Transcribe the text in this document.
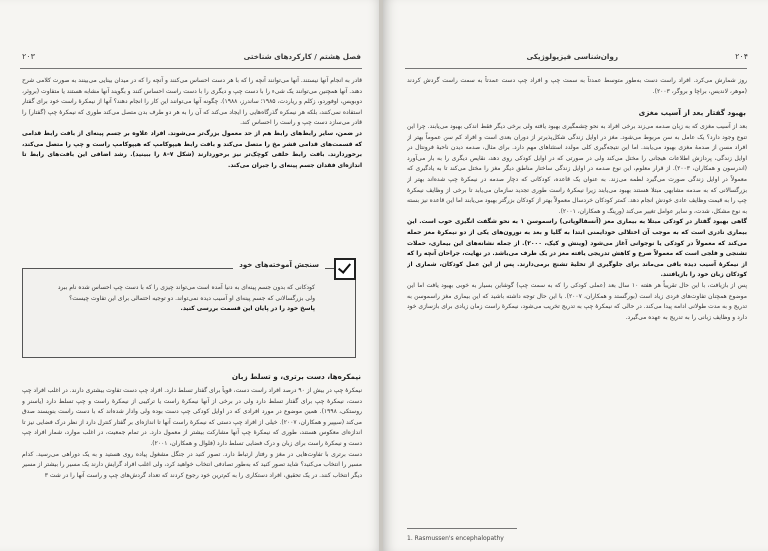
۲۰۳	فصل هشتم / کارکردهای شناختی

قادر به انجام آنها نیستند. آنها می‌توانند آنچه را که با هر دست احساس می‌کنند و آنچه را که در میدان بینایی می‌بینند به صورت کلامی شرح دهند. آنها همچنین می‌توانند یک شیء را با دست چپ و دیگری را با دست راست احساس کنند و بگویند آنها مشابه هستند یا متفاوت (بروئر، دوبویس، اوفوردو، زکلم و ریاردت، ۱۹۸۵؛ ساندرز، ۱۹۸۸). چگونه آنها می‌توانند این کار را انجام دهند؟ آنها از نیمکرهٔ راست خود برای گفتار استفاده نمی‌کنند، بلکه هر نیمکره گذرگاه‌هایی را ایجاد می‌کند که آن را به هر دو طرف بدن متصل می‌کند طوری که نیمکرهٔ چپ (گفتار) را قادر می‌سازد دست چپ و راست را احساس کند.

در ضمن، سایر رابط‌های رابط هم از حد معمول بزرگ‌تر می‌شوند. افراد علاوه بر جسم پینه‌ای از بافت رابط قدامی که قسمت‌های قدامی قشر مخ را متصل می‌کند و بافت رابط هیپوکامپ که هیپوکامپ راست و چپ را متصل می‌کند، برخوردارند. بافت رابط خلفی کوچک‌تر نیز برخوردارند (شکل ۷–۸ را ببینید). رشد اضافی این بافت‌های رابط تا اندازه‌ای فقدان جسم پینه‌ای را جبران می‌کند.

سنجش آموخته‌های خود

کودکانی که بدون جسم پینه‌ای به دنیا آمده است می‌تواند چیزی را که با دست چپ احساس شده نام ببرد

ولی بزرگسالانی که جسم پینه‌ای او آسیب دیده نمی‌تواند. دو توجیه احتمالی برای این تفاوت چیست؟

پاسخ خود را در پایان این قسمت بررسی کنید.

نیمکره‌ها، دست برتری، و تسلط زبان

نیمکرهٔ چپ در بیش از ۹۰ درصد افراد راست دست، قویاً برای گفتار تسلط دارد. افراد چپ دست تفاوت بیشتری دارند. در اغلب افراد چپ دست، نیمکرهٔ چپ برای گفتار تسلط دارد ولی در برخی از آنها نیمکرهٔ راست یا ترکیبی از نیمکرهٔ راست و چپ تسلط دارد (یاسنر و روستکی، ۱۹۹۸). همین موضوع در مورد افرادی که در اوایل کودکی چپ دست بوده ولی وادار شده‌اند که با دست راست بنویسند صدق می‌کند (سیپیر و همکاران، ۲۰۰۷). خیلی از افراد چپ دستی که نیمکرهٔ راست آنها تا اندازه‌ای بر گفتار کنترل دارد از نظر درک فضایی نیز تا اندازه‌ای معکوس هستند، طوری که نیمکرهٔ چپ آنها مشارکت بیشتر از معمول دارد. در تمام جمعیت، در اغلب موارد، شمار افراد چپ دست و نیمکرهٔ راست برای زبان و درک فضایی تسلط دارد (فلوال و همکاران، ۲۰۰۱).

دست برتری با تفاوت‌هایی در مغز و رفتار ارتباط دارد. تصور کنید در جنگل مشغول پیاده روی هستید و به یک دوراهی می‌رسید. کدام مسیر را انتخاب می‌کنید؟ شاید تصور کنید که به‌طور تصادفی انتخاب خواهید کرد، ولی اغلب افراد گرایش دارند یک مسیر را بیشتر از مسیر دیگر انتخاب کنند. در یک تحقیق، افراد دستکاری را به کم‌ترین خود رجوع کردند که تعداد گردش‌های چپ و راست آنها را در شت ۳

روان‌شناسی فیزیولوژیکی	۲۰۴

روز شمارش می‌کرد. افراد راست دست به‌طور متوسط عمدتاً به سمت چپ و افراد چپ دست عمدتاً به سمت راست گردش کردند (موهر، لاندیس، براچا و بروگر، ۲۰۰۳).

بهبود گفتار بعد از آسیب مغزی

بعد از آسیب مغزی که به زبان صدمه می‌زند برخی افراد به نحو چشمگیری بهبود یافته ولی برخی دیگر فقط اندکی بهبود می‌یابند. چرا این تنوع وجود دارد؟ یک عامل به سن مربوط می‌شود. مغز در اوایل زندگی شکل‌پذیرتر از دوران بعدی است و افراد کم سن عموماً بهتر از افراد مسن از صدمهٔ مغزی بهبود می‌یابند. اما این نتیجه‌گیری کلی مولدد استثناهای مهم دارد. برای مثال، صدمه دیدن ناحیهٔ فرونتال در اوایل زندگی، پردازش اطلاعات هیجانی را مختل می‌کند ولی در صورتی که در اوایل کودکی روی دهد، نقایص دیگری را به بار می‌آورد (اندرسون و همکاران، ۲۰۰۳). از قرار معلوم، این نوع صدمه در اوایل زندگی ساختار مناطق دیگر مغز را مختل می‌کند تا به یادگیری که معمولاً در اوایل زندگی صورت می‌گیرد لطمه می‌زند. به عنوان یک قاعده، کودکانی که دچار صدمه در نیمکرهٔ چپ شده‌اند بهتر از بزرگسالانی که به صدمه مشابهی مبتلا هستند بهبود می‌یابند زیرا نیمکرهٔ راست طوری تجدید سازمان می‌یابد تا برخی از وظایف نیمکرهٔ چپ را به قیمت وظایف عادی خودش انجام دهد. کمتر کودکان خردسال معمولاً بهتر از کودکان بزرگتر بهبود می‌یابند اما این قاعده نیز بسته به نوع مشکل، شدت، و سایر عوامل تغییر می‌کند (ورینگ و همکاران، ۲۰۰۱).

گاهی بهبود گفتار در کودکی مبتلا به بیماری مغز (آنسفالوپاتی) راسموسن ۱ به نحو شگفت انگیزی خوب است. این بیماری نادری است که به موجب آن اختلالی خودایمنی ابتدا به گلیا و بعد به نورون‌های یکی از دو نیمکرهٔ مغز حمله می‌کند که معمولاً در کودکی یا نوجوانی آغاز می‌شود (وینش و کیک، ۲۰۰۰). از جمله نشانه‌های این بیماری، حملات تشنجی و فلجی است که معمولاً صرع و کاهش تدریجی یافته مغز در یک طرف می‌باشد. در نهایت، جراحان آنچه را که از نیمکرهٔ آسیب دیده باقی می‌ماند برای جلوگیری از تخلیهٔ تشنج برمی‌دارند. پس از این عمل کودکان، شماری از کودکان زبان خود را بازیافتند.

پس از بازیافت، با این حال تقریباً هر هفته ۱۰ سال بعد (عملی کودکی را که به سمت چپ) گوشاین بسیار به خوبی بهبود یافت اما این موضوع همچنان تفاوت‌های فردی زیاد است (بورگستد و همکاران، ۲۰۰۷). با این حال توجه داشته باشید که این بیماری مغز راسموسن به تدریج و به مدت طولانی ادامه پیدا می‌کند. در حالی که نیمکرهٔ چپ به تدریج تخریب می‌شود، نیمکرهٔ راست زمان زیادی برای بازسازی خود دارد و وظایف زبانی را به تدریج به عهده می‌گیرد.

1. Rasmussen's encephalopathy
